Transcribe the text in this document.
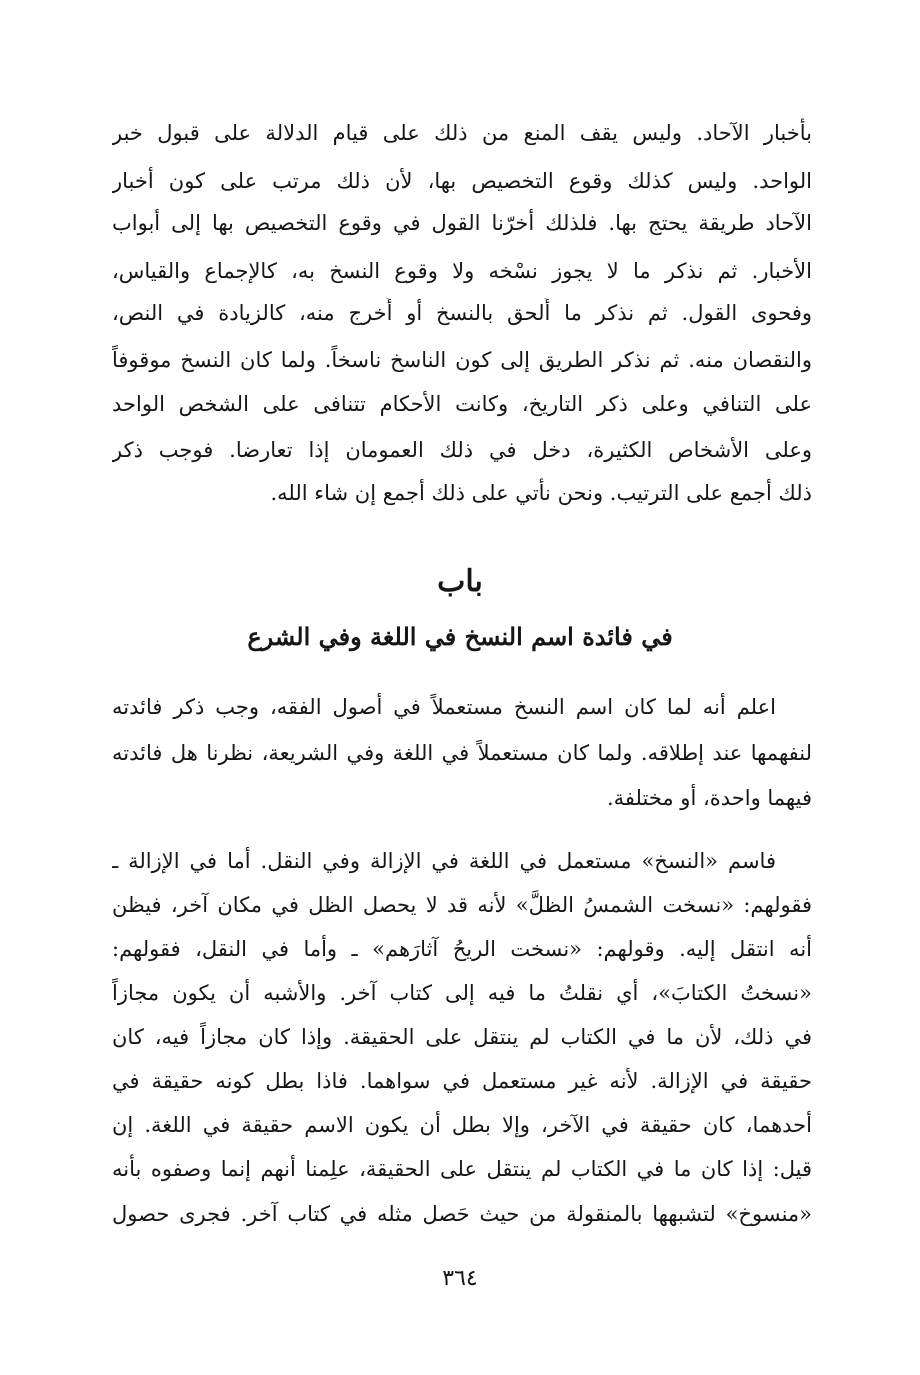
بأخبار الآحاد. وليس يقف المنع من ذلك على قيام الدلالة على قبول خبر
الواحد. وليس كذلك وقوع التخصيص بها، لأن ذلك مرتب على كون أخبار
الآحاد طريقة يحتج بها. فلذلك أخرّنا القول في وقوع التخصيص بها إلى أبواب
الأخبار. ثم نذكر ما لا يجوز نسْخه ولا وقوع النسخ به، كالإجماع والقياس،
وفحوى القول. ثم نذكر ما أُلحق بالنسخ أو أُخرج منه، كالزيادة في النص،
والنقصان منه. ثم نذكر الطريق إلى كون الناسخ ناسخاً. ولما كان النسخ موقوفاً
على التنافي وعلى ذكر التاريخ، وكانت الأحكام تتنافى على الشخص الواحد
وعلى الأشخاص الكثيرة، دخل في ذلك العمومان إذا تعارضا. فوجب ذكر
ذلك أجمع على الترتيب. ونحن نأتي على ذلك أجمع إن شاء الله.
باب
في فائدة اسم النسخ في اللغة وفي الشرع
اعلم أنه لما كان اسم النسخ مستعملاً في أصول الفقه، وجب ذكر فائدته
لنفهمها عند إطلاقه. ولما كان مستعملاً في اللغة وفي الشريعة، نظرنا هل فائدته
فيهما واحدة، أو مختلفة.
فاسم «النسخ» مستعمل في اللغة في الإزالة وفي النقل. أما في الإزالة ـ
فقولهم: «نسخت الشمسُ الظلَّ» لأنه قد لا يحصل الظل في مكان آخر، فيظن
أنه انتقل إليه. وقولهم: «نسخت الريحُ آثارَهم» ـ وأما في النقل، فقولهم:
«نسختُ الكتابَ»، أي نقلتُ ما فيه إلى كتاب آخر. والأشبه أن يكون مجازاً
في ذلك، لأن ما في الكتاب لم ينتقل على الحقيقة. وإذا كان مجازاً فيه، كان
حقيقة في الإزالة. لأنه غير مستعمل في سواهما. فاذا بطل كونه حقيقة في
أحدهما، كان حقيقة في الآخر، وإلا بطل أن يكون الاسم حقيقة في اللغة. إن
قيل: إذا كان ما في الكتاب لم ينتقل على الحقيقة، علِمنا أنهم إنما وصفوه بأنه
«منسوخ» لتشبهها بالمنقولة من حيث حَصل مثله في كتاب آخر. فجرى حصول
٣٦٤
